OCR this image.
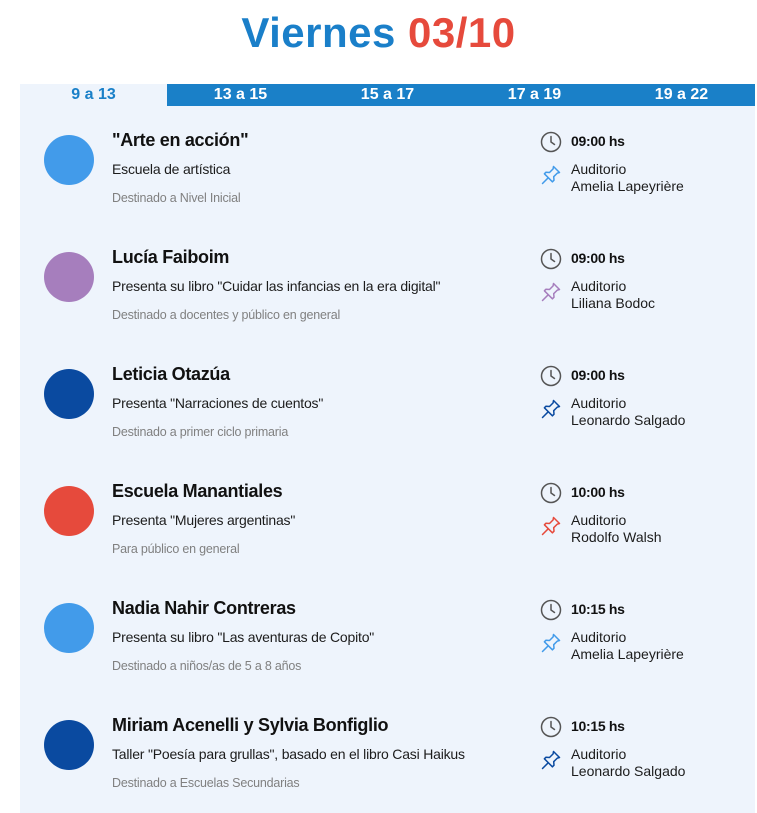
Viernes 03/10
9 a 13	13 a 15	15 a 17	17 a 19	19 a 22
"Arte en acción"
Escuela de artística
Destinado a Nivel Inicial
09:00 hs
Auditorio
Amelia Lapeyrière
Lucía Faiboim
Presenta su libro "Cuidar las infancias en la era digital"
Destinado a docentes y público en general
09:00 hs
Auditorio
Liliana Bodoc
Leticia Otazúa
Presenta "Narraciones de cuentos"
Destinado a primer ciclo primaria
09:00 hs
Auditorio
Leonardo Salgado
Escuela Manantiales
Presenta "Mujeres argentinas"
Para público en general
10:00 hs
Auditorio
Rodolfo Walsh
Nadia Nahir Contreras
Presenta su libro "Las aventuras de Copito"
Destinado a niños/as de 5 a 8 años
10:15 hs
Auditorio
Amelia Lapeyrière
Miriam Acenelli y Sylvia Bonfiglio
Taller "Poesía para grullas", basado en el libro Casi Haikus
Destinado a Escuelas Secundarias
10:15 hs
Auditorio
Leonardo Salgado
